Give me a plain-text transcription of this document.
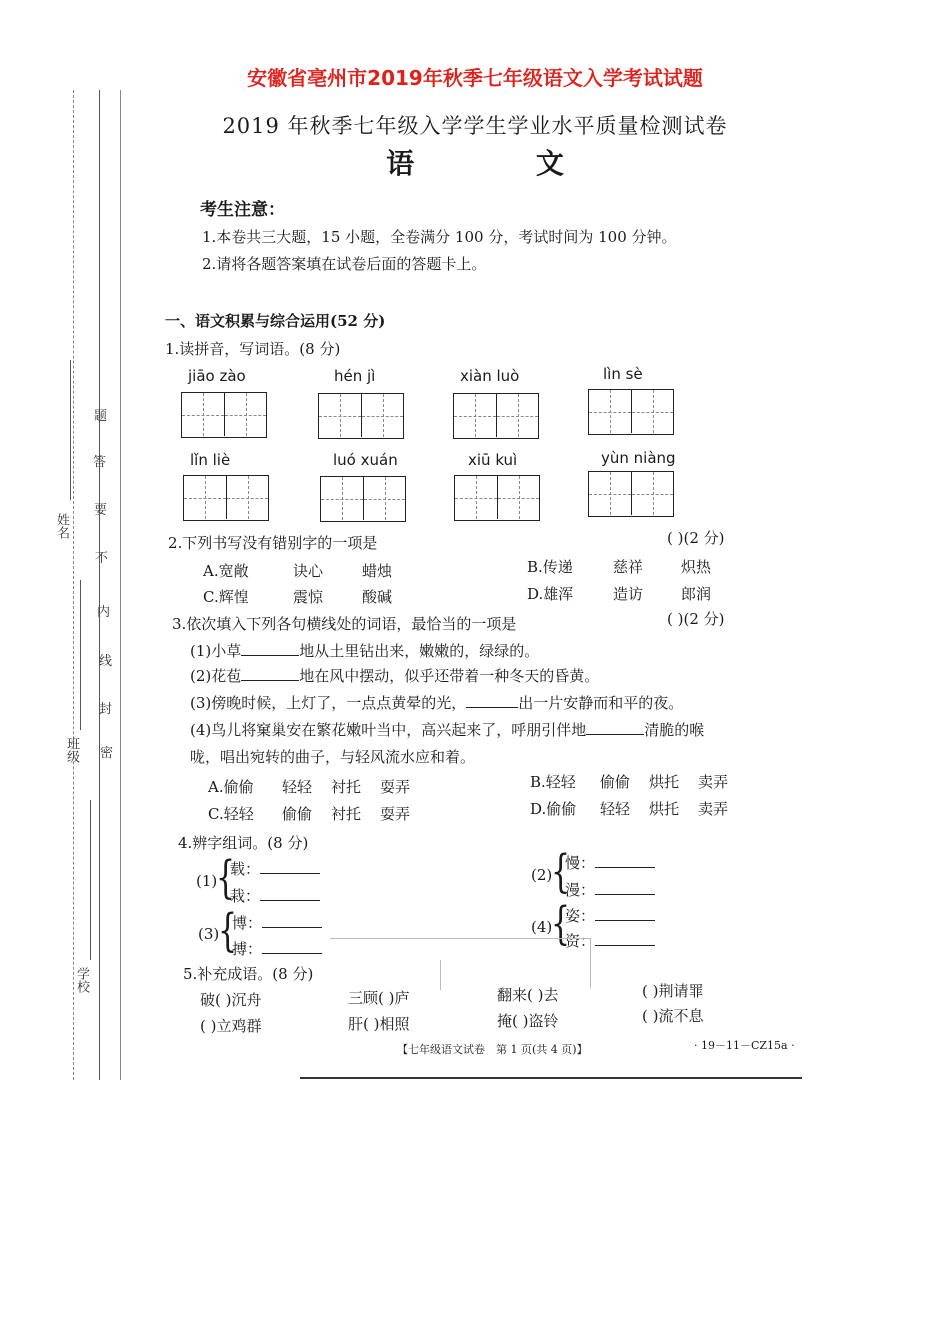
安徽省亳州市2019年秋季七年级语文入学考试试题
2019 年秋季七年级入学学生学业水平质量检测试卷
语 文
考生注意：
1.本卷共三大题，15 小题，全卷满分 100 分，考试时间为 100 分钟。
2.请将各题答案填在试卷后面的答题卡上。
一、语文积累与综合运用(52 分)
1.读拼音，写词语。(8 分)
jiāo zào	hén jì	xiàn luò	lìn sè
lǐn liè	luó xuán	xiū kuì	yùn niàng
2.下列书写没有错别字的一项是	( )(2 分)
A.宽敞	诀心	蜡烛	B.传递	慈祥	炽热
C.辉惶	震惊	酸碱	D.雄浑	造访	郎润
3.依次填入下列各句横线处的词语，最恰当的一项是	( )(2 分)
(1)小草	地从土里钻出来，嫩嫩的，绿绿的。
(2)花苞	地在风中摆动，似乎还带着一种冬天的昏黄。
(3)傍晚时候，上灯了，一点点黄晕的光，	出一片安静而和平的夜。
(4)鸟儿将窠巢安在繁花嫩叶当中，高兴起来了，呼朋引伴地	清脆的喉
咙，唱出宛转的曲子，与轻风流水应和着。
A.偷偷 轻轻 衬托 耍弄	B.轻轻 偷偷 烘托 卖弄
C.轻轻 偷偷 衬托 耍弄	D.偷偷 轻轻 烘托 卖弄
4.辨字组词。(8 分)
(1)
{
载：
栽：
(2)
{
慢：
漫：
(3)
{
博：
搏：
(4)
{
姿：
资：
5.补充成语。(8 分)
破( )沉舟	三顾( )庐	翻来( )去	( )荆请罪
( )立鸡群	肝( )相照	掩( )盗铃	( )流不息
【七年级语文试卷　第 1 页(共 4 页)】	· 19－11－CZ15a ·
姓名
班级
学校
题
答
要
不
内
线
封
密
